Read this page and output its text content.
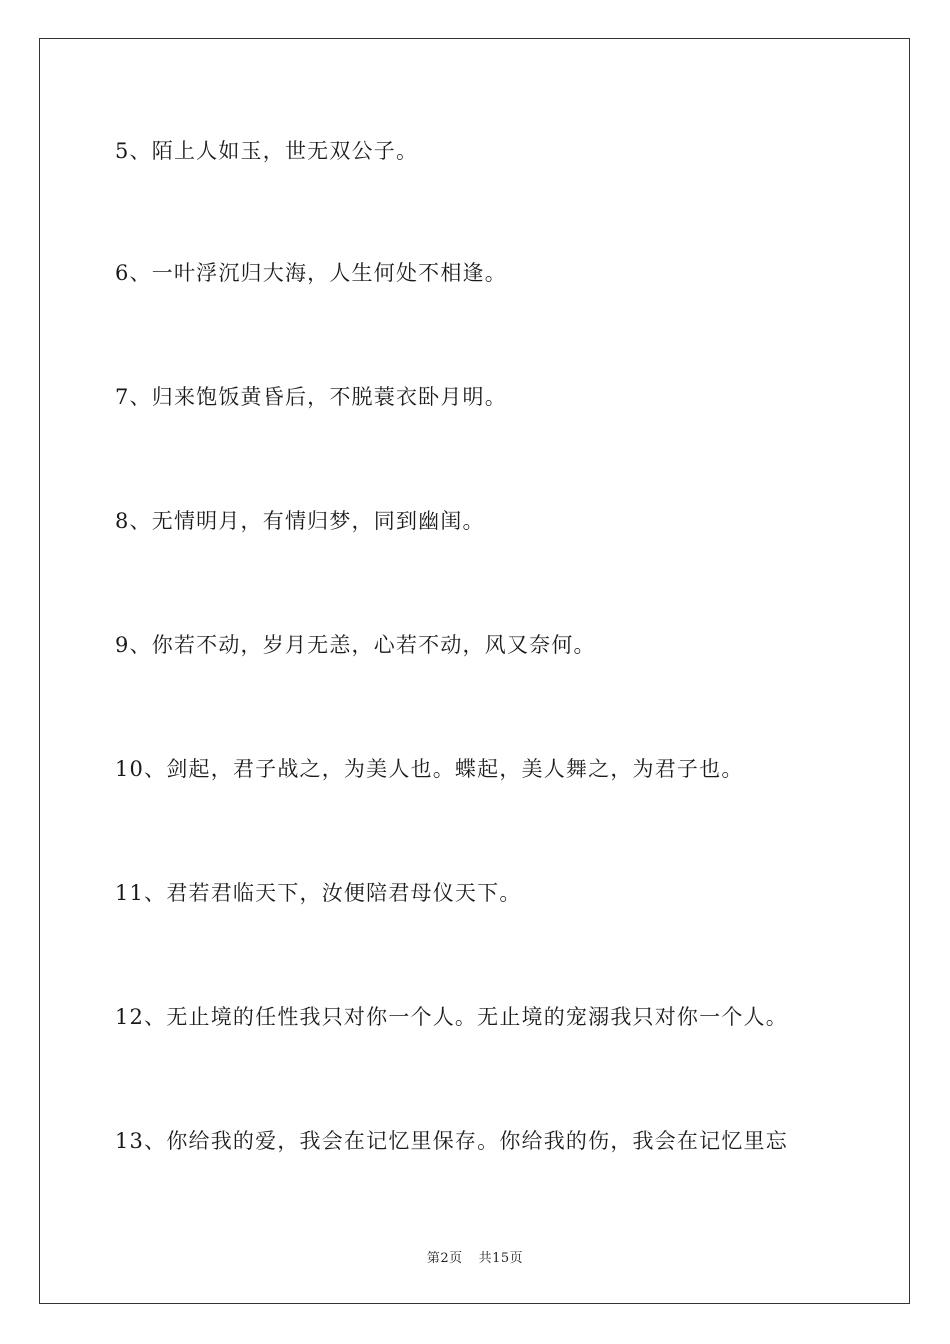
5、陌上人如玉，世无双公子。
6、一叶浮沉归大海，人生何处不相逢。
7、归来饱饭黄昏后，不脱蓑衣卧月明。
8、无情明月，有情归梦，同到幽闺。
9、你若不动，岁月无恙，心若不动，风又奈何。
10、剑起，君子战之，为美人也。蝶起，美人舞之，为君子也。
11、君若君临天下，汝便陪君母仪天下。
12、无止境的任性我只对你一个人。无止境的宠溺我只对你一个人。
13、你给我的爱，我会在记忆里保存。你给我的伤，我会在记忆里忘
第2页 共15页
